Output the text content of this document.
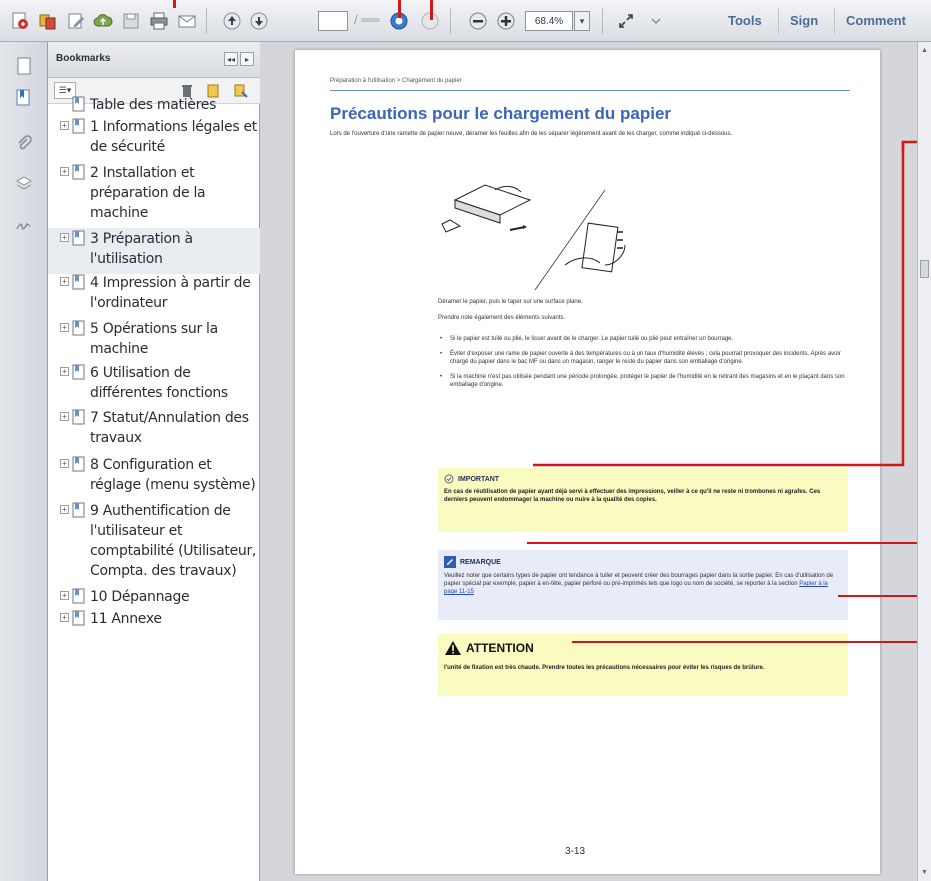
/ ══	68.4%	▾	Tools Sign Comment
Bookmarks	◂◂	▸
☰▾
Table des matières
+ 1 Informations légales et de sécurité
+ 2 Installation et préparation de la machine
+ 3 Préparation à l'utilisation
+ 4 Impression à partir de l'ordinateur
+ 5 Opérations sur la machine
+ 6 Utilisation de différentes fonctions
+ 7 Statut/Annulation des travaux
+ 8 Configuration et réglage (menu système)
+ 9 Authentification de l'utilisateur et comptabilité (Utilisateur, Compta. des travaux)
+ 10 Dépannage
+ 11 Annexe
Préparation à l'utilisation > Chargement du papier
Précautions pour le chargement du papier
Lors de l'ouverture d'une ramette de papier neuve, déramer les feuilles afin de les séparer légèrement avant de les charger, comme indiqué ci-dessous.
Déramer le papier, puis le taper sur une surface plane.
Prendre note également des éléments suivants.
• Si le papier est tuilé ou plié, le lisser avant de le charger. Le papier tuilé ou plié peut entraîner un bourrage.
• Éviter d'exposer une rame de papier ouverte à des températures ou à un taux d'humidité élevés ; cela pourrait provoquer des incidents. Après avoir chargé du papier dans le bac MF ou dans un magasin, ranger le reste du papier dans son emballage d'origine.
• Si la machine n'est pas utilisée pendant une période prolongée, protéger le papier de l'humidité en le retirant des magasins et en le plaçant dans son emballage d'origine.
IMPORTANT
En cas de réutilisation de papier ayant déjà servi à effectuer des impressions, veiller à ce qu'il ne reste ni trombones ni agrafes. Ces derniers peuvent endommager la machine ou nuire à la qualité des copies.
REMARQUE
Veuillez noter que certains types de papier ont tendance à tuiler et peuvent créer des bourrages papier dans la sortie papier. En cas d'utilisation de papier spécial par exemple, papier à en-tête, papier perforé ou pré-imprimés tels que logo ou nom de société, se reporter à la section Papier à la page 11-15
ATTENTION
l'unité de fixation est très chaude. Prendre toutes les précautions nécessaires pour éviter les risques de brûlure.
3-13
▲
▼
